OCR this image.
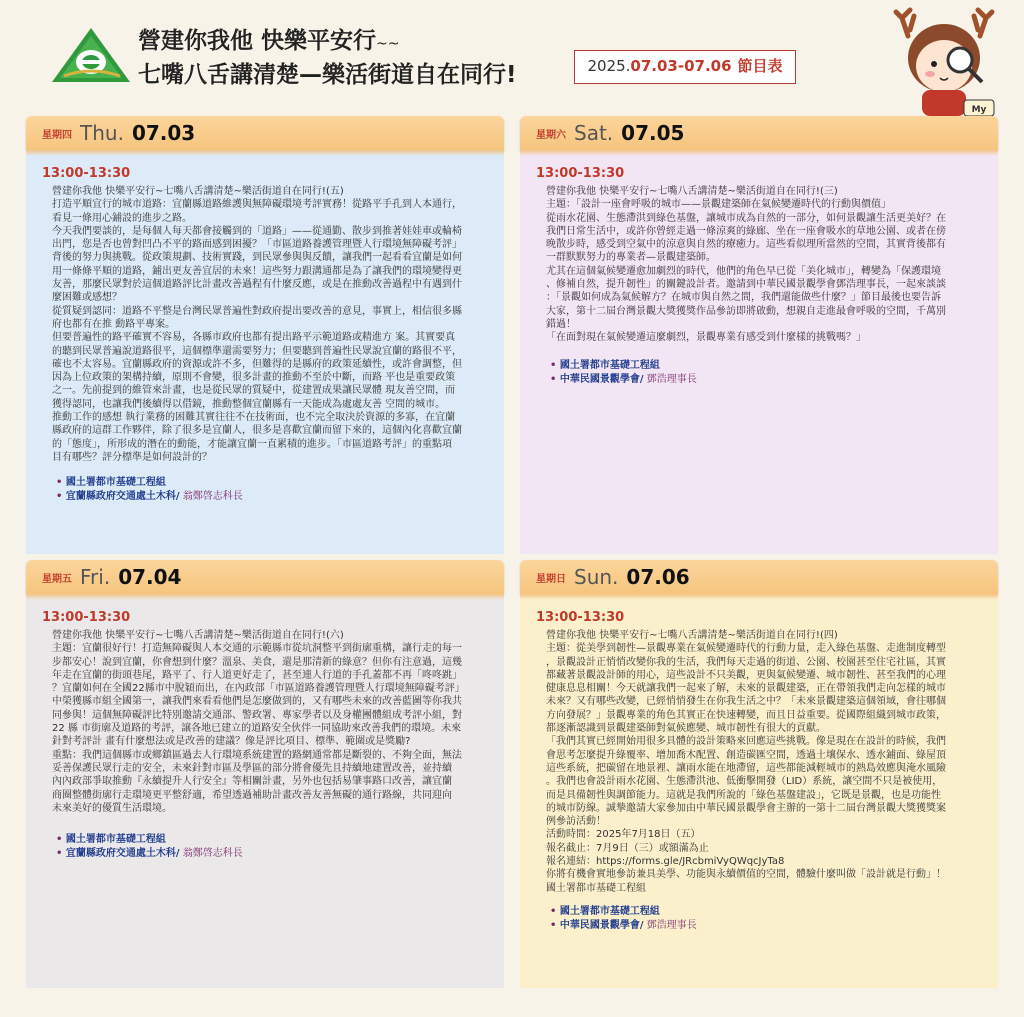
營建你我他 快樂平安行~~
七嘴八舌講清楚—樂活街道自在同行!	2025.07.03-07.06 節目表
My
星期四 Thu. 07.03
13:00-13:30
營建你我他 快樂平安行~七嘴八舌講清楚~樂活街道自在同行!(五)
打造平順宜行的城市道路：宜蘭縣道路維護與無障礙環境考評實務！從路平手孔到人本通行，
看見一條用心鋪設的進步之路。
今天我們要談的，是每個人每天都會接觸到的「道路」——從通勤、散步到推著娃娃車或輪椅
出門，您是否也曾對凹凸不平的路面感到困擾？「市區道路養護管理暨人行環境無障礙考評」
背後的努力與挑戰。從政策規劃、技術實踐，到民眾參與與反饋，讓我們一起看看宜蘭是如何
用一條條平順的道路，鋪出更友善宜居的未來！這些努力跟溝通都是為了讓我們的環境變得更
友善，那麼民眾對於這個道路評比計畫改善過程有什麼反應，或是在推動改善過程中有遇到什
麼困難或感想？
從質疑到認同：道路不平整是台灣民眾普遍性對政府提出要改善的意見，事實上，相信很多縣
府也都有在推 動路平專案。
但要普遍性的路平確實不容易，各縣市政府也都有提出路平示範道路或精進方 案。其實要真
的聽到民眾普遍說道路很平，這個標準還需要努力；但要聽到普遍性民眾說宜蘭的路很不平，
確也不太容易。宜蘭縣政府的資源或許不多，但難得的是縣府的政策延續性，或許會調整，但
因為上位政策的架構持續，原則不會變，很多計畫的推動不至於中斷，而路 平也是重要政策
之一。先前提到的維管來計畫，也是從民眾的質疑中，從建置成果讓民眾體 現友善空間，而
獲得認同，也讓我們後續得以借鏡，推動整個宜蘭縣有一天能成為處處友善 空間的城市。
推動工作的感想 執行業務的困難其實往往不在技術面，也不完全取決於資源的多寡，在宜蘭
縣政府的這群工作夥伴，除了很多是宜蘭人，很多是喜歡宜蘭而留下來的，這個內化喜歡宜蘭
的「態度」，所形成的潛在的動能，才能讓宜蘭一直累積的進步。「市區道路考評」的重點項
目有哪些？評分標準是如何設計的？
• 國土署都市基礎工程組
• 宜蘭縣政府交通處土木科/ 翁鄭啓志科長
星期六 Sat. 07.05
13:00-13:30
營建你我他 快樂平安行~七嘴八舌講清楚~樂活街道自在同行!(三)
主題：「設計一座會呼吸的城市——景觀建築師在氣候變遷時代的行動與價值」
從雨水花園、生態滯洪到綠色基盤，讓城市成為自然的一部分，如何景觀讓生活更美好？在
我們日常生活中，或許你曾經走過一條涼爽的綠廊、坐在一座會吸水的草地公園、或者在傍
晚散步時，感受到空氣中的涼意與自然的療癒力。這些看似理所當然的空間，其實背後都有
一群默默努力的專業者—景觀建築師。
尤其在這個氣候變遷愈加劇烈的時代，他們的角色早已從「美化城市」，轉變為「保護環境
、修補自然，提升韌性」的關鍵設計者。邀請到中華民國景觀學會鄧浩理事長，一起來談談
：「景觀如何成為氣候解方？在城市與自然之間，我們還能做些什麼？」節目最後也要告訴
大家，第十二屆台灣景觀大獎獲獎作品參訪即將啟動，想親自走進最會呼吸的空間，千萬別
錯過！
「在面對現在氣候變遷這麼劇烈，景觀專業有感受到什麼樣的挑戰嗎？」
• 國土署都市基礎工程組
• 中華民國景觀學會/ 鄧浩理事長
星期五 Fri. 07.04
13:00-13:30
營建你我他 快樂平安行~七嘴八舌講清楚~樂活街道自在同行!(六)
主題：宜蘭很好行！打造無障礙與人本交通的示範縣市從坑洞整平到街廓重構，讓行走的每一
步都安心！說到宜蘭，你會想到什麼？溫泉、美食，還是那清新的綠意？但你有注意過，這幾
年走在宜蘭的街頭巷尾，路平了、行人道更好走了，甚至連人行道的手孔蓋都不再「咚咚跳」
？宜蘭如何在全國22縣市中脫穎而出，在內政部「市區道路養護管理暨人行環境無障礙考評」
中榮獲縣市組全國第一，讓我們來看看他們是怎麼做到的，又有哪些未來的改善藍圖等你我共
同參與！這個無障礙評比特別邀請交通部、警政署、專家學者以及身權團體組成考評小組，對
22 縣 市街廓及道路的考評，譲各地已建立的道路安全伙伴一同協助來改善我們的環境。未來
針對考評計 畫有什麼想法或是改善的建議？像是評比項目、標準、範圍或是獎勵?
重點：我們這個縣市或鄉鎮區過去人行環境系統建置的路網通常都是斷裂的、不夠全面，無法
妥善保護民眾行走的安全，未來針對市區及學區的部分將會優先且持續地建置改善，並持續
內內政部爭取推動『永續提升人行安全』等相關計畫，另外也包括易肇事路口改善，讓宜蘭
商圈整體街廓行走環境更平整舒適，希望透過補助計畫改善友善無礙的通行路線，共同迎向
未來美好的優質生活環境。
• 國土署都市基礎工程組
• 宜蘭縣政府交通處土木科/ 翁鄭啓志科長
星期日 Sun. 07.06
13:00-13:30
營建你我他 快樂平安行~七嘴八舌講清楚~樂活街道自在同行!(四)
主題：從美學到韌性—景觀專業在氣候變遷時代的行動力量，走入綠色基盤、走進制度轉型
，景觀設計正悄悄改變你我的生活，我們每天走過的街道、公園、校園甚至住宅社區，其實
都藏著景觀設計師的用心，這些設計不只美觀，更與氣候變遷、城市韌性、甚至我們的心理
健康息息相關！今天就讓我們一起來了解，未來的景觀建築，正在帶領我們走向怎樣的城市
未來？又有哪些改變，已經悄悄發生在你我生活之中？「未來景觀建築這個領域，會往哪個
方向發展？」景觀專業的角色其實正在快速轉變，而且日益重要。從國際組織到城市政策，
都逐漸認識到景觀建築師對氣候應變、城市韌性有很大的貢獻。
「我們其實已經開始用很多具體的設計策略來回應這些挑戰。像是現在在設計的時候，我們
會思考怎麼提升綠覆率、增加喬木配置、創造碳匯空間，透過土壤保水、透水鋪面、綠屋頂
這些系統，把碳留在地景裡、讓雨水能在地滯留，這些都能減輕城市的熱島效應與淹水風險
。我們也會設計雨水花園、生態滯洪池、低衝擊開發（LID）系統，讓空間不只是被使用，
而是具備韌性與調節能力。這就是我們所說的「綠色基盤建設」，它既是景觀，也是功能性
的城市防線。誠摯邀請大家參加由中華民國景觀學會主辦的一第十二屆台灣景觀大獎獲獎案
例參訪活動！
活動時間：2025年7月18日（五）
報名截止：7月9日（三）或額滿為止
報名連結：https://forms.gle/JRcbmiVyQWqcJyTa8
你將有機會實地參訪兼具美學、功能與永續價值的空間，體驗什麼叫做「設計就是行動」！
國土署都市基礎工程組
• 國土署都市基礎工程組
• 中華民國景觀學會/ 鄧浩理事長
